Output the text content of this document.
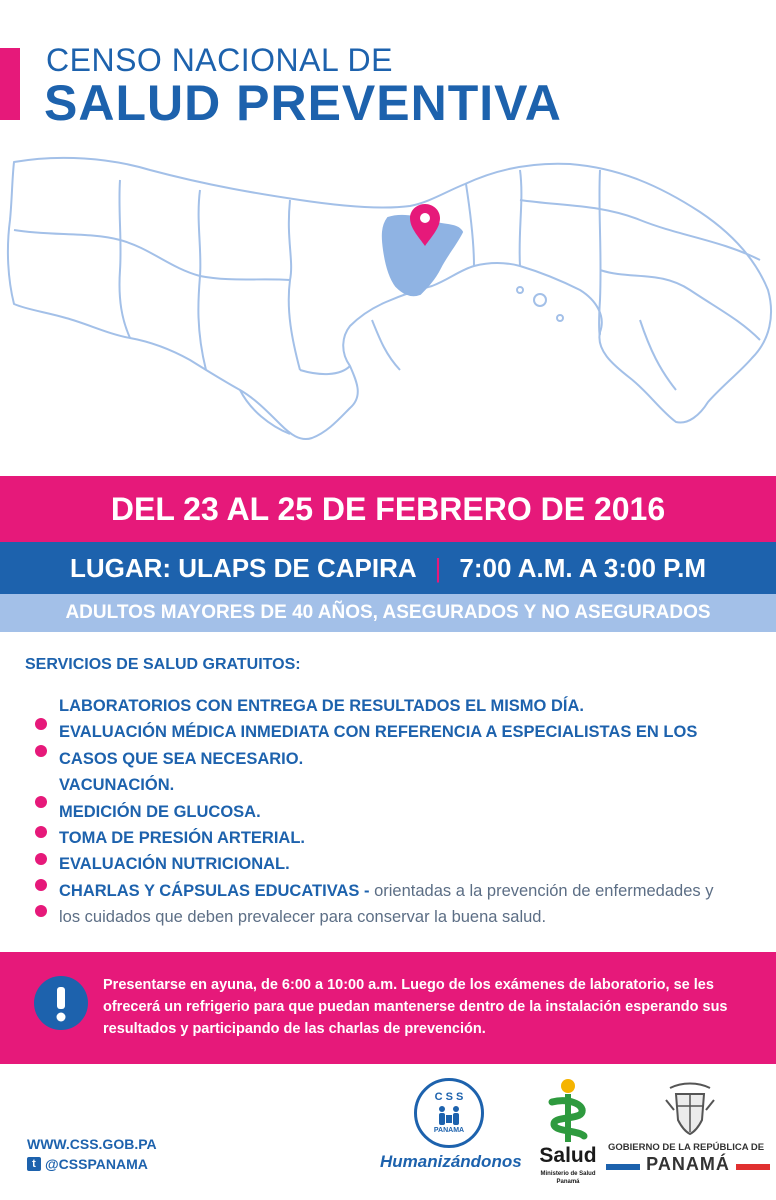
CENSO NACIONAL DE
SALUD PREVENTIVA
DEL 23 AL 25 DE FEBRERO DE 2016
LUGAR: ULAPS DE CAPIRA | 7:00 A.M. A 3:00 P.M
ADULTOS MAYORES DE 40 AÑOS, ASEGURADOS Y NO ASEGURADOS
SERVICIOS DE SALUD GRATUITOS:
LABORATORIOS CON ENTREGA DE RESULTADOS EL MISMO DÍA.
EVALUACIÓN MÉDICA INMEDIATA CON REFERENCIA A ESPECIALISTAS EN LOS
CASOS QUE SEA NECESARIO.
VACUNACIÓN.
MEDICIÓN DE GLUCOSA.
TOMA DE PRESIÓN ARTERIAL.
EVALUACIÓN NUTRICIONAL.
CHARLAS Y CÁPSULAS EDUCATIVAS - orientadas a la prevención de enfermedades y
los cuidados que deben prevalecer para conservar la buena salud.
Presentarse en ayuna, de 6:00 a 10:00 a.m. Luego de los exámenes de laboratorio, se les ofrecerá un refrigerio para que puedan mantenerse dentro de la instalación esperando sus resultados y participando de las charlas de prevención.
WWW.CSS.GOB.PA
t @CSSPANAMA
C S S
PANAMA
Humanizándonos Salud
Ministerio de Salud Panamá
GOBIERNO DE LA REPÚBLICA DE
PANAMÁ
